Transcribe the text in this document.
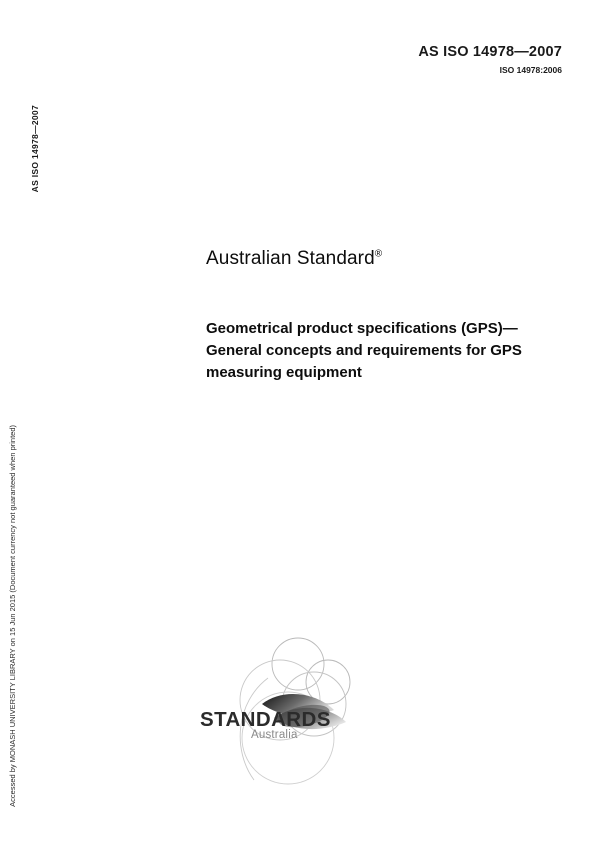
AS ISO 14978—2007
ISO 14978:2006
AS ISO 14978—2007
Accessed by MONASH UNIVERSITY LIBRARY on 15 Jun 2015 (Document currency not guaranteed when printed)
Australian Standard®
Geometrical product specifications (GPS)—General concepts and requirements for GPS measuring equipment
STANDARDS
Australia
